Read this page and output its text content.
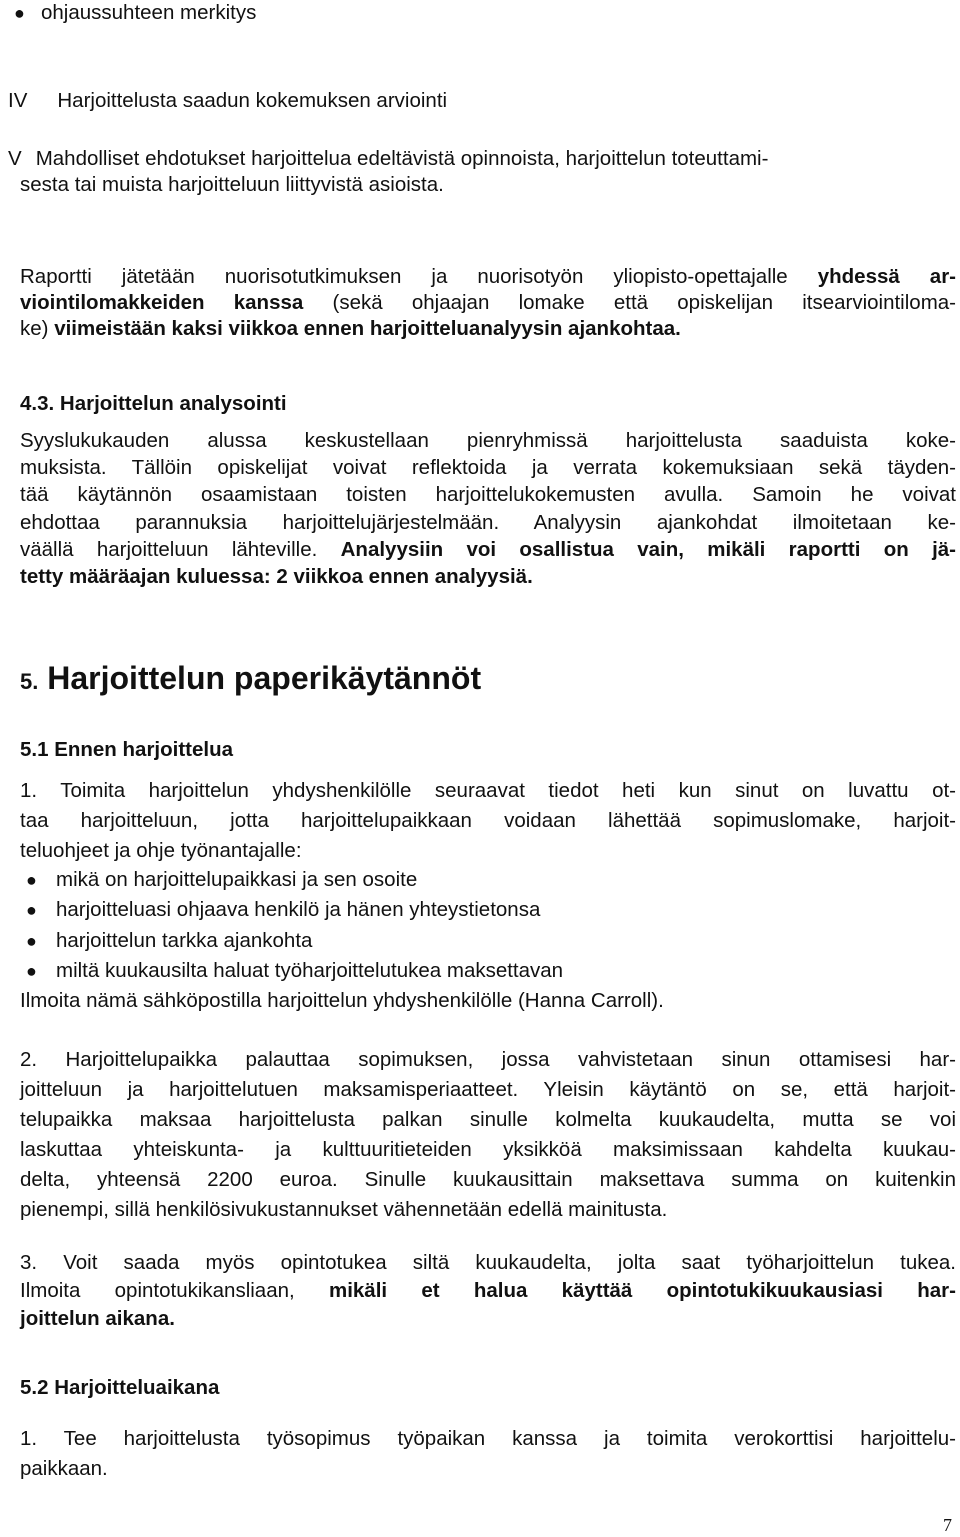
● ohjaussuhteen merkitys

IV Harjoittelusta saadun kokemuksen arviointi

V Mahdolliset ehdotukset harjoittelua edeltävistä opinnoista, harjoittelun toteuttami-

sesta tai muista harjoitteluun liittyvistä asioista.

Raportti jätetään nuorisotutkimuksen ja nuorisotyön yliopisto-opettajalle yhdessä ar-

viointilomakkeiden kanssa (sekä ohjaajan lomake että opiskelijan itsearviointiloma-

ke) viimeistään kaksi viikkoa ennen harjoitteluanalyysin ajankohtaa.

4.3. Harjoittelun analysointi

Syyslukukauden alussa keskustellaan pienryhmissä harjoittelusta saaduista koke-

muksista. Tällöin opiskelijat voivat reflektoida ja verrata kokemuksiaan sekä täyden-

tää käytännön osaamistaan toisten harjoittelukokemusten avulla. Samoin he voivat

ehdottaa parannuksia harjoittelujärjestelmään. Analyysin ajankohdat ilmoitetaan ke-

väällä harjoitteluun lähteville. Analyysiin voi osallistua vain, mikäli raportti on jä-

tetty määräajan kuluessa: 2 viikkoa ennen analyysiä.

5. Harjoittelun paperikäytännöt

5.1 Ennen harjoittelua

1. Toimita harjoittelun yhdyshenkilölle seuraavat tiedot heti kun sinut on luvattu ot-

taa harjoitteluun, jotta harjoittelupaikkaan voidaan lähettää sopimuslomake, harjoit-

teluohjeet ja ohje työnantajalle:

● mikä on harjoittelupaikkasi ja sen osoite

● harjoitteluasi ohjaava henkilö ja hänen yhteystietonsa

● harjoittelun tarkka ajankohta

● miltä kuukausilta haluat työharjoittelutukea maksettavan

Ilmoita nämä sähköpostilla harjoittelun yhdyshenkilölle (Hanna Carroll).

2. Harjoittelupaikka palauttaa sopimuksen, jossa vahvistetaan sinun ottamisesi har-

joitteluun ja harjoittelutuen maksamisperiaatteet. Yleisin käytäntö on se, että harjoit-

telupaikka maksaa harjoittelusta palkan sinulle kolmelta kuukaudelta, mutta se voi

laskuttaa yhteiskunta- ja kulttuuritieteiden yksikköä maksimissaan kahdelta kuukau-

delta, yhteensä 2200 euroa. Sinulle kuukausittain maksettava summa on kuitenkin

pienempi, sillä henkilösivukustannukset vähennetään edellä mainitusta.

3. Voit saada myös opintotukea siltä kuukaudelta, jolta saat työharjoittelun tukea.

Ilmoita opintotukikansliaan, mikäli et halua käyttää opintotukikuukausiasi har-

joittelun aikana.

5.2 Harjoitteluaikana

1. Tee harjoittelusta työsopimus työpaikan kanssa ja toimita verokorttisi harjoittelu-

paikkaan.

7
